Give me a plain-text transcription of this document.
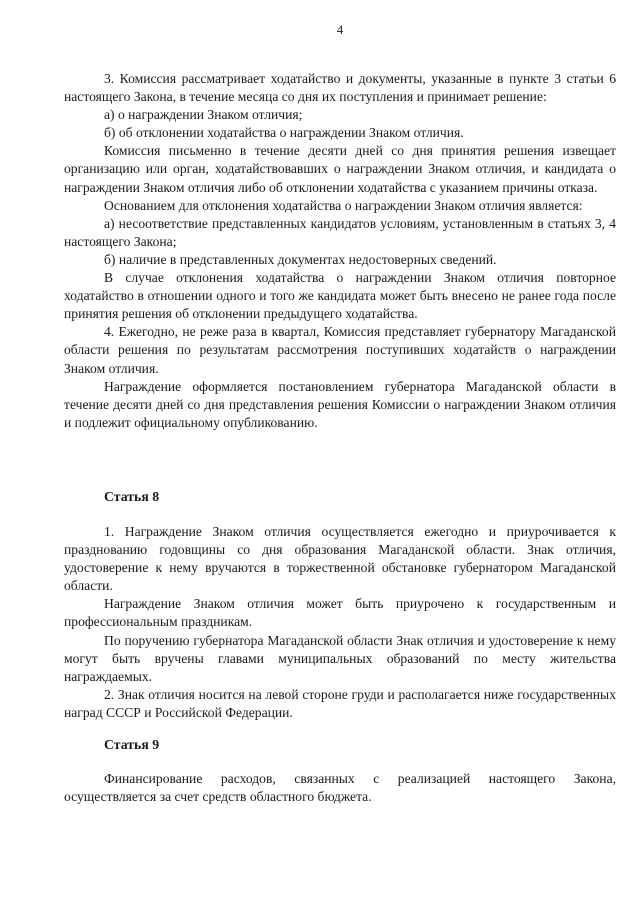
4

3. Комиссия рассматривает ходатайство и документы, указанные в пункте 3 статьи 6 настоящего Закона, в течение месяца со дня их поступления и принимает решение:

а) о награждении Знаком отличия;

б) об отклонении ходатайства о награждении Знаком отличия.

Комиссия письменно в течение десяти дней со дня принятия решения извещает организацию или орган, ходатайствовавших о награждении Знаком отличия, и кандидата о награждении Знаком отличия либо об отклонении ходатайства с указанием причины отказа.

Основанием для отклонения ходатайства о награждении Знаком отличия является:

а) несоответствие представленных кандидатов условиям, установленным в статьях 3, 4 настоящего Закона;

б) наличие в представленных документах недостоверных сведений.

В случае отклонения ходатайства о награждении Знаком отличия повторное ходатайство в отношении одного и того же кандидата может быть внесено не ранее года после принятия решения об отклонении предыдущего ходатайства.

4. Ежегодно, не реже раза в квартал, Комиссия представляет губернатору Магаданской области решения по результатам рассмотрения поступивших ходатайств о награждении Знаком отличия.

Награждение оформляется постановлением губернатора Магаданской области в течение десяти дней со дня представления решения Комиссии о награждении Знаком отличия и подлежит официальному опубликованию.

Статья 8

1. Награждение Знаком отличия осуществляется ежегодно и приурочивается к празднованию годовщины со дня образования Магаданской области. Знак отличия, удостоверение к нему вручаются в торжественной обстановке губернатором Магаданской области.

Награждение Знаком отличия может быть приурочено к государственным и профессиональным праздникам.

По поручению губернатора Магаданской области Знак отличия и удостоверение к нему могут быть вручены главами муниципальных образований по месту жительства награждаемых.

2. Знак отличия носится на левой стороне груди и располагается ниже государственных наград СССР и Российской Федерации.

Статья 9

Финансирование расходов, связанных с реализацией настоящего Закона, осуществляется за счет средств областного бюджета.
